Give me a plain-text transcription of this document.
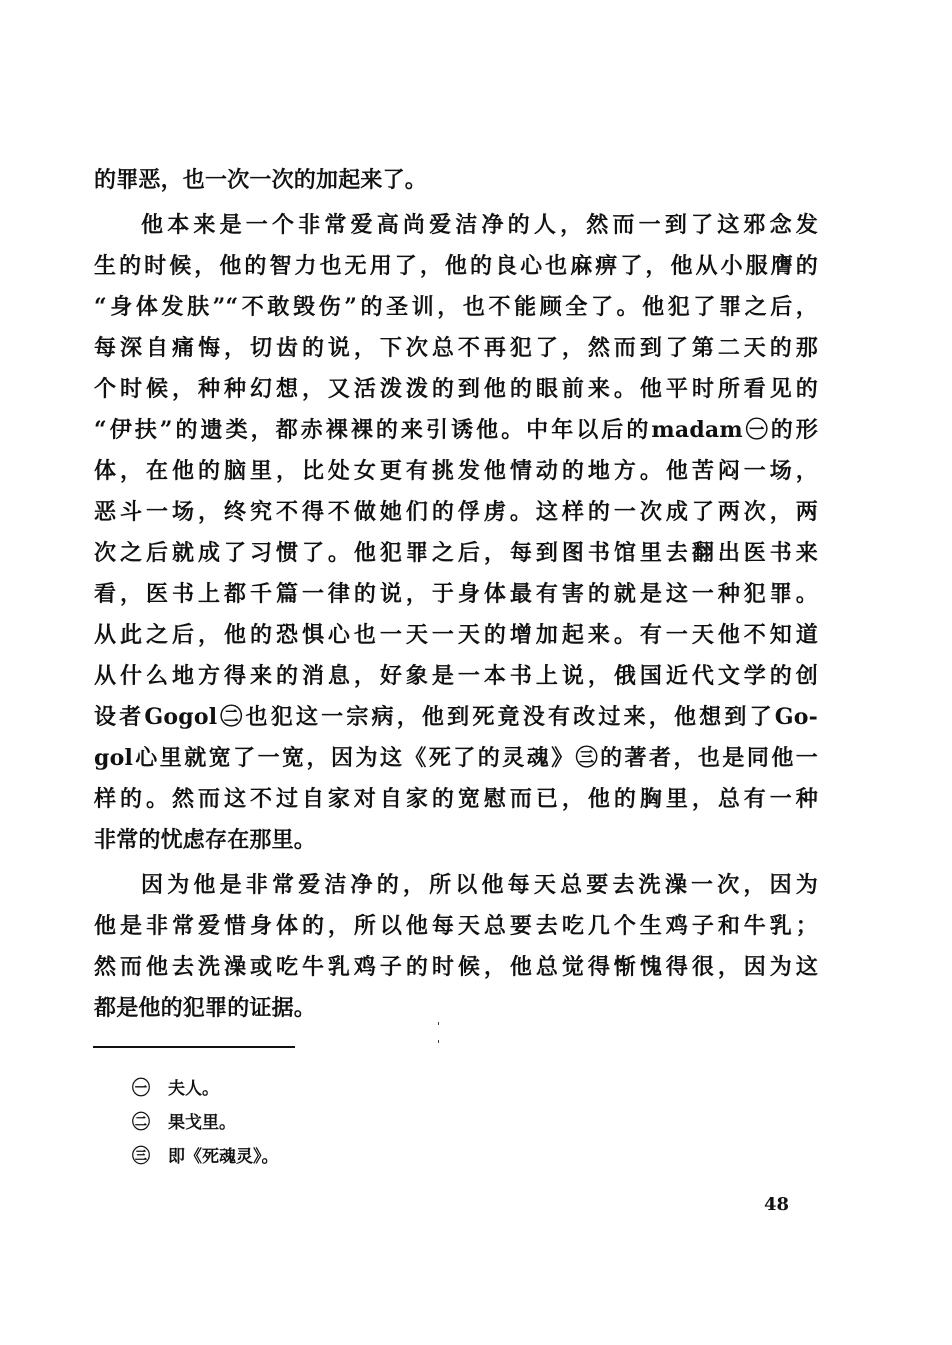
的罪恶，也一次一次的加起来了。
他本来是一个非常爱高尚爱洁净的人，然而一到了这邪念发
生的时候，他的智力也无用了，他的良心也麻痹了，他从小服膺的
“身体发肤”“不敢毁伤”的圣训，也不能顾全了。他犯了罪之后，
每深自痛悔，切齿的说，下次总不再犯了，然而到了第二天的那
个时候，种种幻想，又活泼泼的到他的眼前来。他平时所看见的
“伊扶”的遗类，都赤裸裸的来引诱他。中年以后的madam㊀的形
体，在他的脑里，比处女更有挑发他情动的地方。他苦闷一场，
恶斗一场，终究不得不做她们的俘虏。这样的一次成了两次，两
次之后就成了习惯了。他犯罪之后，每到图书馆里去翻出医书来
看，医书上都千篇一律的说，于身体最有害的就是这一种犯罪。
从此之后，他的恐惧心也一天一天的增加起来。有一天他不知道
从什么地方得来的消息，好象是一本书上说，俄国近代文学的创
设者Gogol㊁也犯这一宗病，他到死竟没有改过来，他想到了Go-
gol心里就宽了一宽，因为这《死了的灵魂》㊂的著者，也是同他一
样的。然而这不过自家对自家的宽慰而已，他的胸里，总有一种
非常的忧虑存在那里。
因为他是非常爱洁净的，所以他每天总要去洗澡一次，因为
他是非常爱惜身体的，所以他每天总要去吃几个生鸡子和牛乳；
然而他去洗澡或吃牛乳鸡子的时候，他总觉得惭愧得很，因为这
都是他的犯罪的证据。
㊀ 夫人。
㊁ 果戈里。
㊂ 即《死魂灵》。
48
